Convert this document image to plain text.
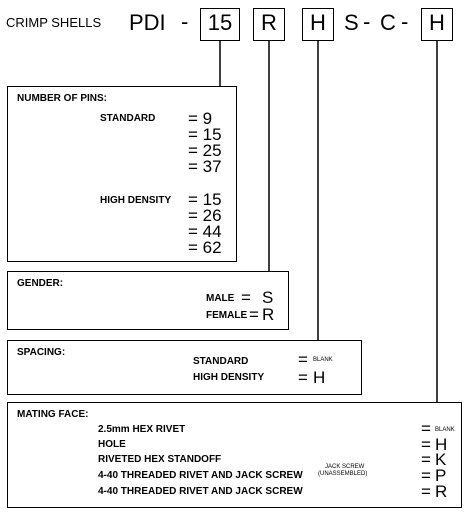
CRIMP SHELLS PDI - 15	R	H S - C - H
NUMBER OF PINS:
STANDARD = 9
= 15
= 25
= 37
HIGH DENSITY = 15
= 26
= 44
= 62
GENDER:
MALE = S
FEMALE = R
SPACING:
STANDARD	= BLANK
HIGH DENSITY = H
MATING FACE:
2.5mm HEX RIVET	= BLANK
HOLE	= H
RIVETED HEX STANDOFF	= K
JACK SCREW
(UNASSEMBLED)
4-40 THREADED RIVET AND JACK SCREW	= P
4-40 THREADED RIVET AND JACK SCREW	= R
